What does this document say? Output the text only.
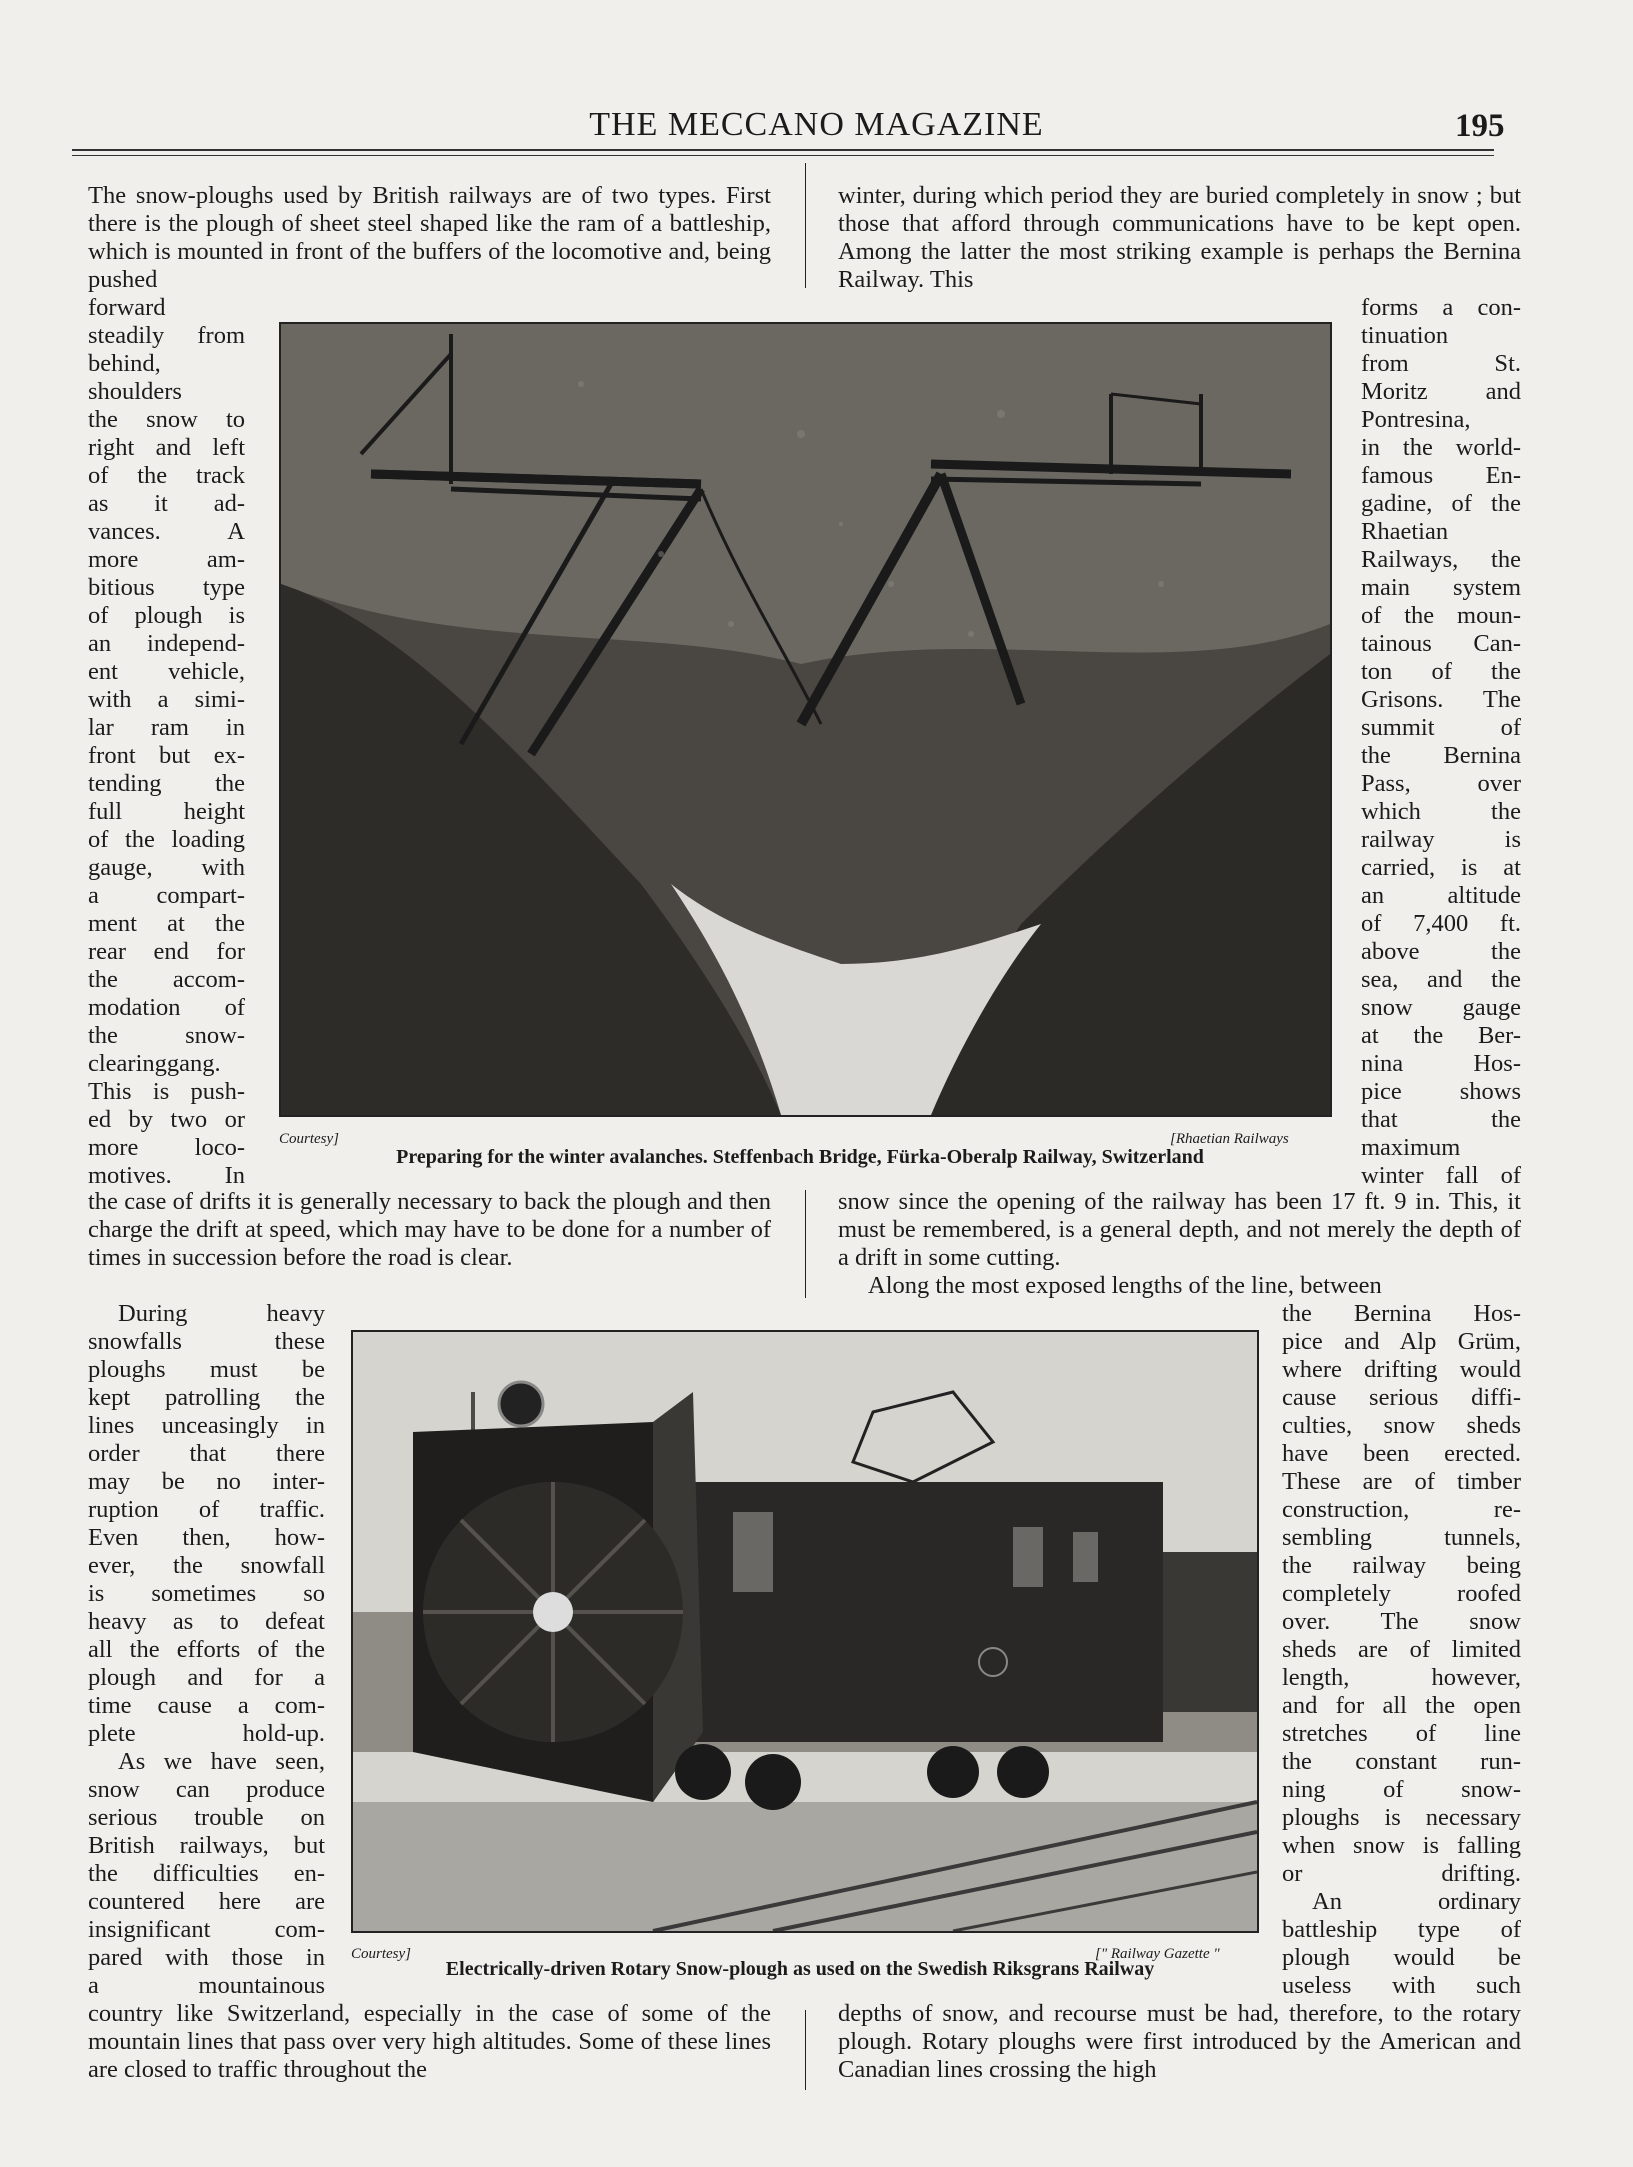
THE MECCANO MAGAZINE	195

The snow-ploughs used by British railways are of two types. First there is the plough of sheet steel shaped like the ram of a battleship, which is mounted in front of the buffers of the locomotive and, being pushed

forward
steadily from
behind,
shoulders
the snow to
right and left
of the track
as it ad-
vances. A
more am-
bitious type
of plough is
an independ-
ent vehicle,
with a simi-
lar ram in
front but ex-
tending the
full height
of the loading
gauge, with
a compart-
ment at the
rear end for
the accom-
modation of
the snow-
clearinggang.
This is push-
ed by two or
more loco-
motives. In
Courtesy]	[Rhaetian Railways
Preparing for the winter avalanches. Steffenbach Bridge, Fürka-Oberalp Railway, Switzerland

winter, during which period they are buried completely in snow ; but those that afford through communications have to be kept open. Among the latter the most striking example is perhaps the Bernina Railway. This

forms a con-
tinuation
from St.
Moritz and
Pontresina,
in the world-
famous En-
gadine, of the
Rhaetian
Railways, the
main system
of the moun-
tainous Can-
ton of the
Grisons. The
summit of
the Bernina
Pass, over
which the
railway is
carried, is at
an altitude
of 7,400 ft.
above the
sea, and the
snow gauge
at the Ber-
nina Hos-
pice shows
that the
maximum
winter fall of

the case of drifts it is generally necessary to back the plough and then charge the drift at speed, which may have to be done for a number of times in succession before the road is clear.

snow since the opening of the railway has been 17 ft. 9 in. This, it must be remembered, is a general depth, and not merely the depth of a drift in some cutting.

Along the most exposed lengths of the line, between

During heavy
snowfalls these
ploughs must be
kept patrolling the
lines unceasingly in
order that there
may be no inter-
ruption of traffic.
Even then, how-
ever, the snowfall
is sometimes so
heavy as to defeat
all the efforts of the
plough and for a
time cause a com-
plete hold-up.
As we have seen,
snow can produce
serious trouble on
British railways, but
the difficulties en-
countered here are
insignificant com-
pared with those in
a mountainous
Courtesy]	[" Railway Gazette "
Electrically-driven Rotary Snow-plough as used on the Swedish Riksgrans Railway
the Bernina Hos-
pice and Alp Grüm,
where drifting would
cause serious diffi-
culties, snow sheds
have been erected.
These are of timber
construction, re-
sembling tunnels,
the railway being
completely roofed
over. The snow
sheds are of limited
length, however,
and for all the open
stretches of line
the constant run-
ning of snow-
ploughs is necessary
when snow is falling
or drifting.
An ordinary
battleship type of
plough would be
useless with such

country like Switzerland, especially in the case of some of the mountain lines that pass over very high altitudes. Some of these lines are closed to traffic throughout the

depths of snow, and recourse must be had, therefore, to the rotary plough. Rotary ploughs were first introduced by the American and Canadian lines crossing the high
